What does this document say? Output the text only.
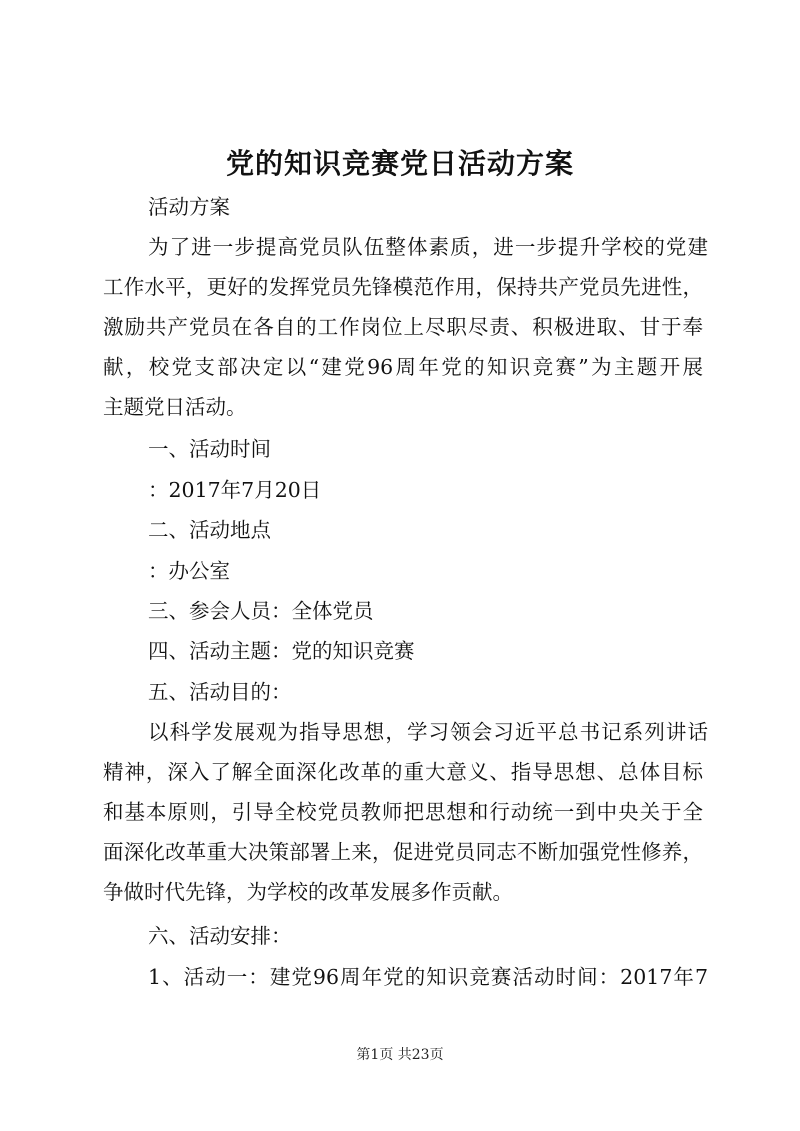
党的知识竞赛党日活动方案
活动方案
为了进一步提高党员队伍整体素质，进一步提升学校的党建
工作水平，更好的发挥党员先锋模范作用，保持共产党员先进性，
激励共产党员在各自的工作岗位上尽职尽责、积极进取、甘于奉
献，校党支部决定以“建党96周年党的知识竞赛”为主题开展
主题党日活动。
一、活动时间
：2017年7月20日
二、活动地点
：办公室
三、参会人员：全体党员
四、活动主题：党的知识竞赛
五、活动目的：
以科学发展观为指导思想，学习领会习近平总书记系列讲话
精神，深入了解全面深化改革的重大意义、指导思想、总体目标
和基本原则，引导全校党员教师把思想和行动统一到中央关于全
面深化改革重大决策部署上来，促进党员同志不断加强党性修养，
争做时代先锋，为学校的改革发展多作贡献。
六、活动安排：
1、活动一：建党96周年党的知识竞赛活动时间：2017年7
第1页 共23页
